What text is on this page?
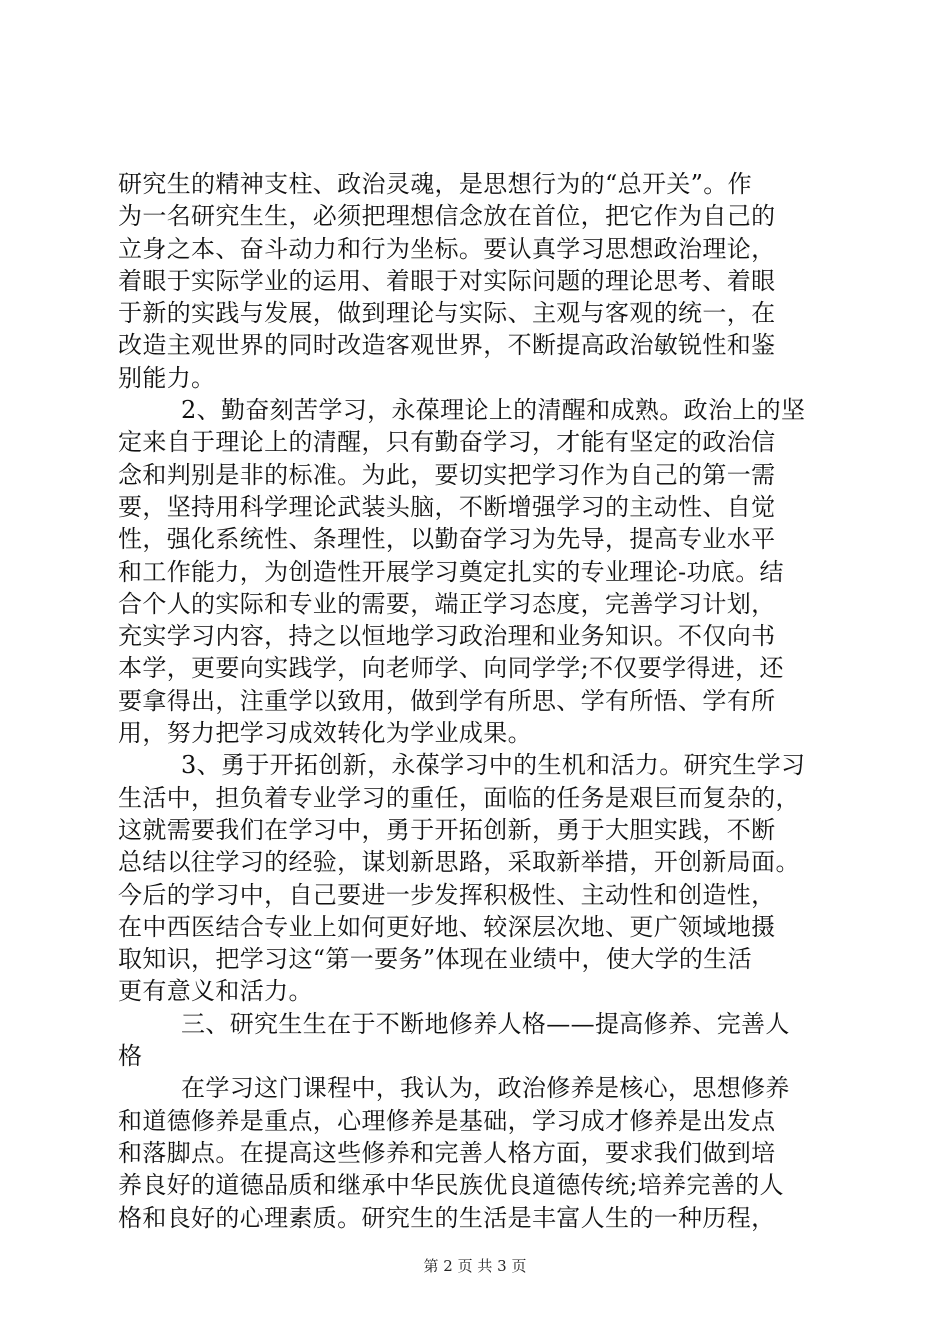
研究生的精神支柱、政治灵魂，是思想行为的“总开关”。作
为一名研究生生，必须把理想信念放在首位，把它作为自己的
立身之本、奋斗动力和行为坐标。要认真学习思想政治理论，
着眼于实际学业的运用、着眼于对实际问题的理论思考、着眼
于新的实践与发展，做到理论与实际、主观与客观的统一，在
改造主观世界的同时改造客观世界，不断提高政治敏锐性和鉴
别能力。
2、勤奋刻苦学习，永葆理论上的清醒和成熟。政治上的坚
定来自于理论上的清醒，只有勤奋学习，才能有坚定的政治信
念和判别是非的标准。为此，要切实把学习作为自己的第一需
要，坚持用科学理论武装头脑，不断增强学习的主动性、自觉
性，强化系统性、条理性，以勤奋学习为先导，提高专业水平
和工作能力，为创造性开展学习奠定扎实的专业理论-功底。结
合个人的实际和专业的需要，端正学习态度，完善学习计划，
充实学习内容，持之以恒地学习政治理和业务知识。不仅向书
本学，更要向实践学，向老师学、向同学学;不仅要学得进，还
要拿得出，注重学以致用，做到学有所思、学有所悟、学有所
用，努力把学习成效转化为学业成果。
3、勇于开拓创新，永葆学习中的生机和活力。研究生学习
生活中，担负着专业学习的重任，面临的任务是艰巨而复杂的，
这就需要我们在学习中，勇于开拓创新，勇于大胆实践，不断
总结以往学习的经验，谋划新思路，采取新举措，开创新局面。
今后的学习中，自己要进一步发挥积极性、主动性和创造性，
在中西医结合专业上如何更好地、较深层次地、更广领域地摄
取知识，把学习这“第一要务”体现在业绩中，使大学的生活
更有意义和活力。
三、研究生生在于不断地修养人格——提高修养、完善人
格
在学习这门课程中，我认为，政治修养是核心，思想修养
和道德修养是重点，心理修养是基础，学习成才修养是出发点
和落脚点。在提高这些修养和完善人格方面，要求我们做到培
养良好的道德品质和继承中华民族优良道德传统;培养完善的人
格和良好的心理素质。研究生的生活是丰富人生的一种历程，
第 2 页 共 3 页
